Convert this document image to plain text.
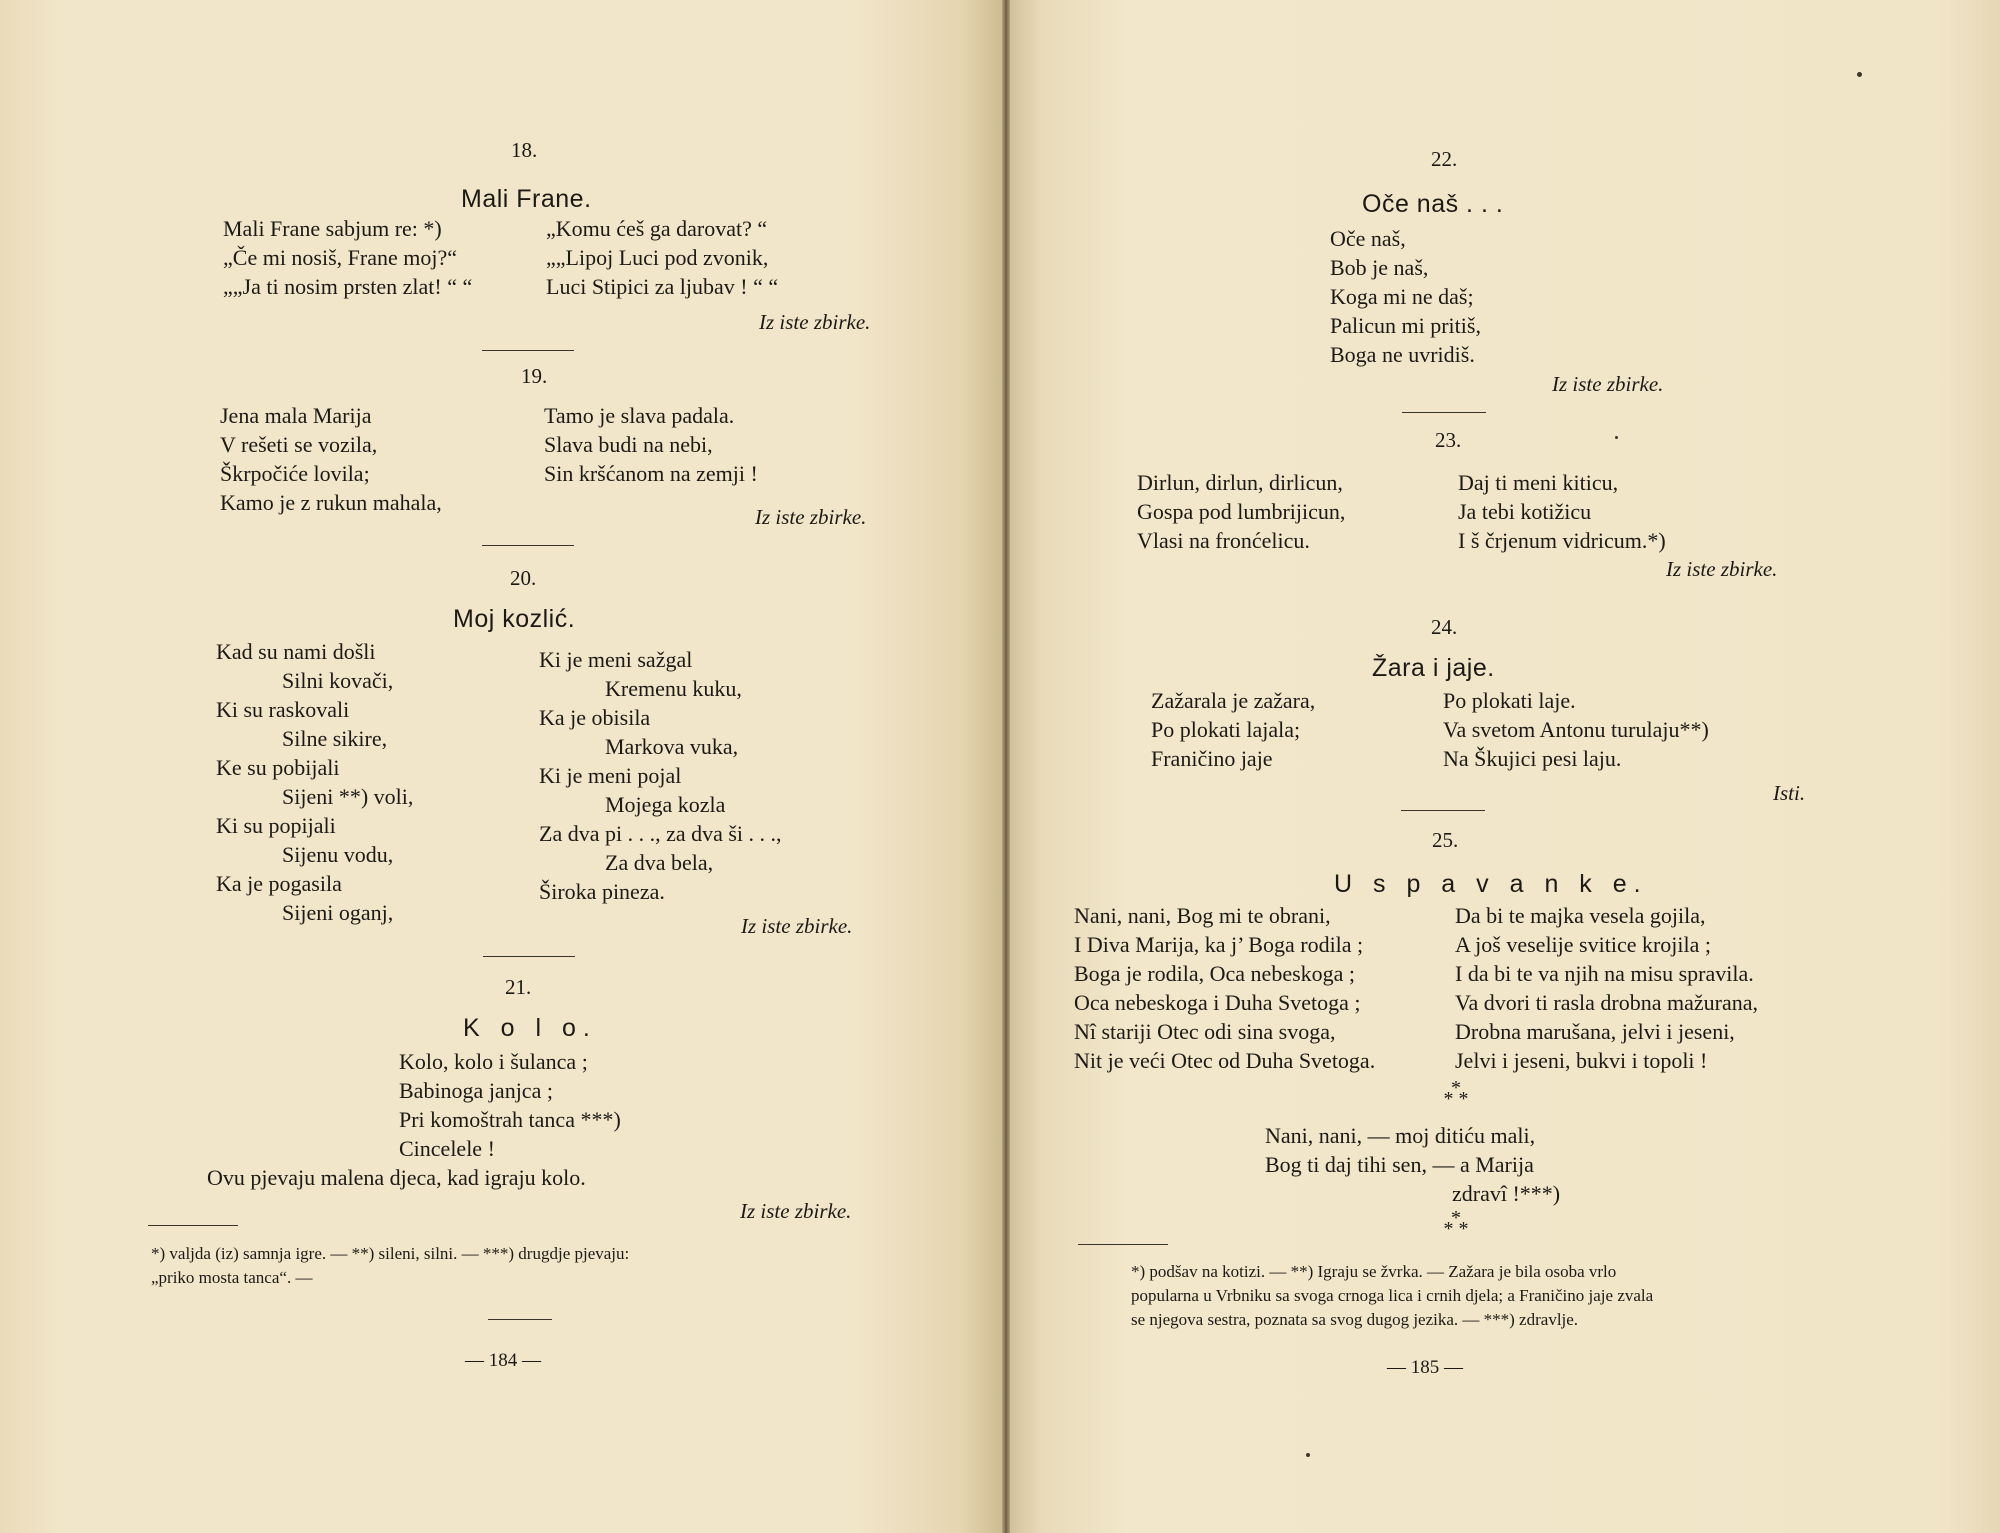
18.
Mali Frane.
Mali Frane sabjum re: *)
„Če mi nosiš, Frane moj?“
„„Ja ti nosim prsten zlat! “ “
„Komu ćeš ga darovat? “
„„Lipoj Luci pod zvonik,
Luci Stipici za ljubav ! “ “
Iz iste zbirke.
19.
Jena mala Marija
V rešeti se vozila,
Škrpočiće lovila;
Kamo je z rukun mahala,
Tamo je slava padala.
Slava budi na nebi,
Sin kršćanom na zemji !
Iz iste zbirke.
20.
Moj kozlić.
Kad su nami došli
Silni kovači,
Ki su raskovali
Silne sikire,
Ke su pobijali
Sijeni **) voli,
Ki su popijali
Sijenu vodu,
Ka je pogasila
Sijeni oganj,
Ki je meni sažgal
Kremenu kuku,
Ka je obisila
Markova vuka,
Ki je meni pojal
Mojega kozla
Za dva pi . . ., za dva ši . . .,
Za dva bela,
Široka pineza.
Iz iste zbirke.
21.
K o l o.
Kolo, kolo i šulanca ;
Babinoga janjca ;
Pri komoštrah tanca ***)
Cincelele !
Ovu pjevaju malena djeca, kad igraju kolo.
Iz iste zbirke.
*) valjda (iz) samnja igre. — **) sileni, silni. — ***) drugdje pjevaju:
„priko mosta tanca“. —
— 184 —
22.
Oče naš . . .
Oče naš,
Bob je naš,
Koga mi ne daš;
Palicun mi pritiš,
Boga ne uvridiš.
Iz iste zbirke.
23.
Dirlun, dirlun, dirlicun,
Gospa pod lumbrijicun,
Vlasi na fronćelicu.
Daj ti meni kiticu,
Ja tebi kotižicu
I š črjenum vidricum.*)
Iz iste zbirke.
24.
Žara i jaje.
Zažarala je zažara,
Po plokati lajala;
Franičino jaje
Po plokati laje.
Va svetom Antonu turulaju**)
Na Škujici pesi laju.
Isti.
25.
U s p a v a n k e.
Nani, nani, Bog mi te obrani,
I Diva Marija, ka j’ Boga rodila ;
Boga je rodila, Oca nebeskoga ;
Oca nebeskoga i Duha Svetoga ;
Nî stariji Otec odi sina svoga,
Nit je veći Otec od Duha Svetoga.
Da bi te majka vesela gojila,
A još veselije svitice krojila ;
I da bi te va njih na misu spravila.
Va dvori ti rasla drobna mažurana,
Drobna marušana, jelvi i jeseni,
Jelvi i jeseni, bukvi i topoli !
*
* *
Nani, nani, — moj ditiću mali,
Bog ti daj tihi sen, — a Marija
zdravî !***)
*
* *
*) podšav na kotizi. — **) Igraju se žvrka. — Zažara je bila osoba vrlo
popularna u Vrbniku sa svoga crnoga lica i crnih djela; a Franičino jaje zvala
se njegova sestra, poznata sa svog dugog jezika. — ***) zdravlje.
— 185 —
